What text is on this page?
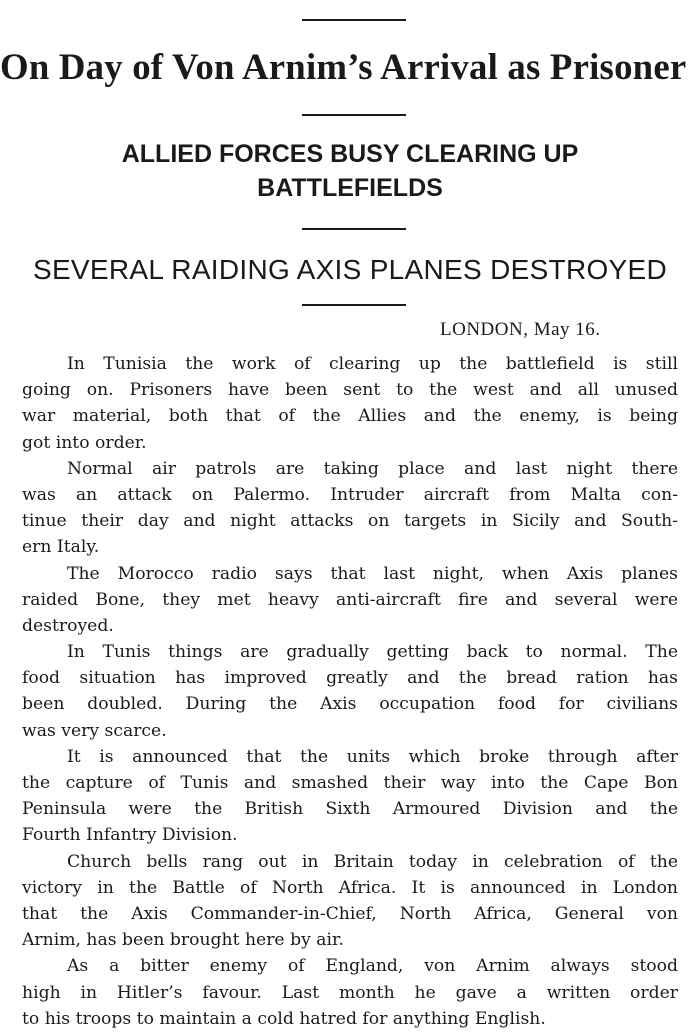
On Day of Von Arnim’s Arrival as Prisoner
ALLIED FORCES BUSY CLEARING UP
BATTLEFIELDS
SEVERAL RAIDING AXIS PLANES DESTROYED
LONDON, May 16.
In Tunisia the work of clearing up the battlefield is still
going on. Prisoners have been sent to the west and all unused
war material, both that of the Allies and the enemy, is being
got into order.
Normal air patrols are taking place and last night there
was an attack on Palermo. Intruder aircraft from Malta con-
tinue their day and night attacks on targets in Sicily and South-
ern Italy.
The Morocco radio says that last night, when Axis planes
raided Bone, they met heavy anti-aircraft fire and several were
destroyed.
In Tunis things are gradually getting back to normal. The
food situation has improved greatly and the bread ration has
been doubled. During the Axis occupation food for civilians
was very scarce.
It is announced that the units which broke through after
the capture of Tunis and smashed their way into the Cape Bon
Peninsula were the British Sixth Armoured Division and the
Fourth Infantry Division.
Church bells rang out in Britain today in celebration of the
victory in the Battle of North Africa. It is announced in London
that the Axis Commander-in-Chief, North Africa, General von
Arnim, has been brought here by air.
As a bitter enemy of England, von Arnim always stood
high in Hitler’s favour. Last month he gave a written order
to his troops to maintain a cold hatred for anything English.
